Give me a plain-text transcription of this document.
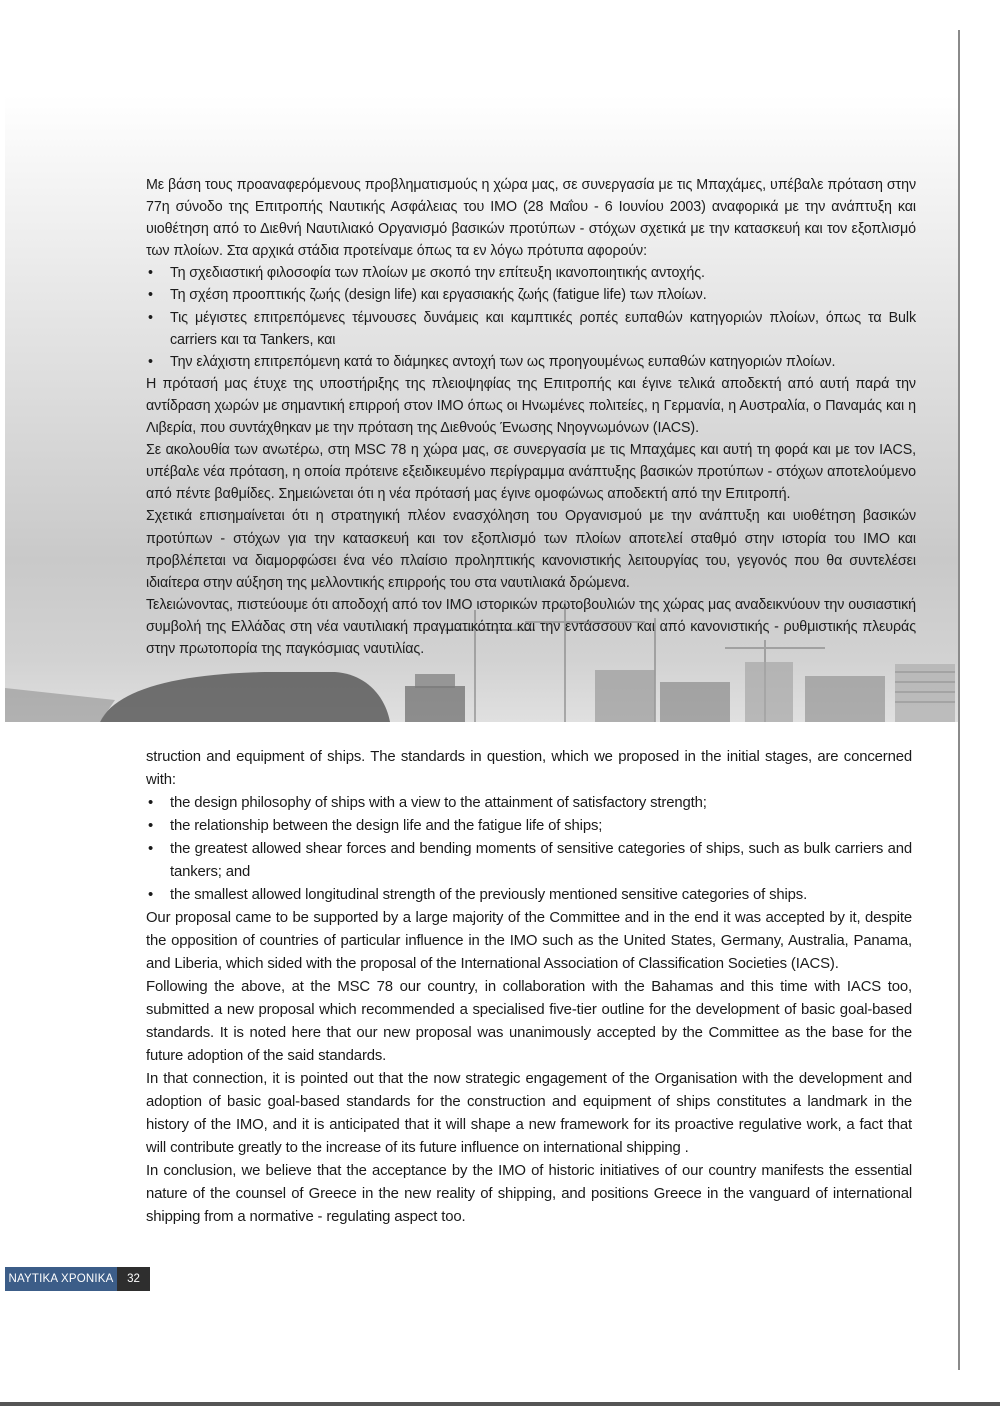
Με βάση τους προαναφερόμενους προβληματισμούς η χώρα μας, σε συνεργασία με τις Μπαχάμες, υπέβαλε πρόταση στην 77η σύνοδο της Επιτροπής Ναυτικής Ασφάλειας του IMO (28 Μαΐου - 6 Ιουνίου 2003) αναφορικά με την ανάπτυξη και υιοθέτηση από το Διεθνή Ναυτιλιακό Οργανισμό βασικών προτύπων - στόχων σχετικά με την κατασκευή και τον εξοπλισμό των πλοίων. Στα αρχικά στάδια προτείναμε όπως τα εν λόγω πρότυπα αφορούν:

• Τη σχεδιαστική φιλοσοφία των πλοίων με σκοπό την επίτευξη ικανοποιητικής αντοχής.

• Τη σχέση προοπτικής ζωής (design life) και εργασιακής ζωής (fatigue life) των πλοίων.

• Τις μέγιστες επιτρεπόμενες τέμνουσες δυνάμεις και καμπτικές ροπές ευπαθών κατηγοριών πλοίων, όπως τα Bulk carriers και τα Tankers, και

• Την ελάχιστη επιτρεπόμενη κατά το διάμηκες αντοχή των ως προηγουμένως ευπαθών κατηγοριών πλοίων.

Η πρότασή μας έτυχε της υποστήριξης της πλειοψηφίας της Επιτροπής και έγινε τελικά αποδεκτή από αυτή παρά την αντίδραση χωρών με σημαντική επιρροή στον IMO όπως οι Ηνωμένες πολιτείες, η Γερμανία, η Αυστραλία, ο Παναμάς και η Λιβερία, που συντάχθηκαν με την πρόταση της Διεθνούς Ένωσης Νηογνωμόνων (IACS).

Σε ακολουθία των ανωτέρω, στη MSC 78 η χώρα μας, σε συνεργασία με τις Μπαχάμες και αυτή τη φορά και με τον IACS, υπέβαλε νέα πρόταση, η οποία πρότεινε εξειδικευμένο περίγραμμα ανάπτυξης βασικών προτύπων - στόχων αποτελούμενο από πέντε βαθμίδες. Σημειώνεται ότι η νέα πρότασή μας έγινε ομοφώνως αποδεκτή από την Επιτροπή.

Σχετικά επισημαίνεται ότι η στρατηγική πλέον ενασχόληση του Οργανισμού με την ανάπτυξη και υιοθέτηση βασικών προτύπων - στόχων για την κατασκευή και τον εξοπλισμό των πλοίων αποτελεί σταθμό στην ιστορία του IMO και προβλέπεται να διαμορφώσει ένα νέο πλαίσιο προληπτικής κανονιστικής λειτουργίας του, γεγονός που θα συντελέσει ιδιαίτερα στην αύξηση της μελλοντικής επιρροής του στα ναυτιλιακά δρώμενα.

Τελειώνοντας, πιστεύουμε ότι αποδοχή από τον IMO ιστορικών πρωτοβουλιών της χώρας μας αναδεικνύουν την ουσιαστική συμβολή της Ελλάδας στη νέα ναυτιλιακή πραγματικότητα και την εντάσσουν και από κανονιστικής - ρυθμιστικής πλευράς στην πρωτοπορία της παγκόσμιας ναυτιλίας.

struction and equipment of ships. The standards in question, which we proposed in the initial stages, are concerned with:

• the design philosophy of ships with a view to the attainment of satisfactory strength;

• the relationship between the design life and the fatigue life of ships;

• the greatest allowed shear forces and bending moments of sensitive categories of ships, such as bulk carriers and tankers; and

• the smallest allowed longitudinal strength of the previously mentioned sensitive categories of ships.

Our proposal came to be supported by a large majority of the Committee and in the end it was accepted by it, despite the opposition of countries of particular influence in the IMO such as the United States, Germany, Australia, Panama, and Liberia, which sided with the proposal of the International Association of Classification Societies (IACS).

Following the above, at the MSC 78 our country, in collaboration with the Bahamas and this time with IACS too, submitted a new proposal which recommended a specialised five-tier outline for the development of basic goal-based standards. It is noted here that our new proposal was unanimously accepted by the Committee as the base for the future adoption of the said standards.

In that connection, it is pointed out that the now strategic engagement of the Organisation with the development and adoption of basic goal-based standards for the construction and equipment of ships constitutes a landmark in the history of the IMO, and it is anticipated that it will shape a new framework for its proactive regulative work, a fact that will contribute greatly to the increase of its future influence on international shipping .

In conclusion, we believe that the acceptance by the IMO of historic initiatives of our country manifests the essential nature of the counsel of Greece in the new reality of shipping, and positions Greece in the vanguard of international shipping from a normative - regulating aspect too.

ΝΑΥΤΙΚΑ ΧΡΟΝΙΚΑ	32
